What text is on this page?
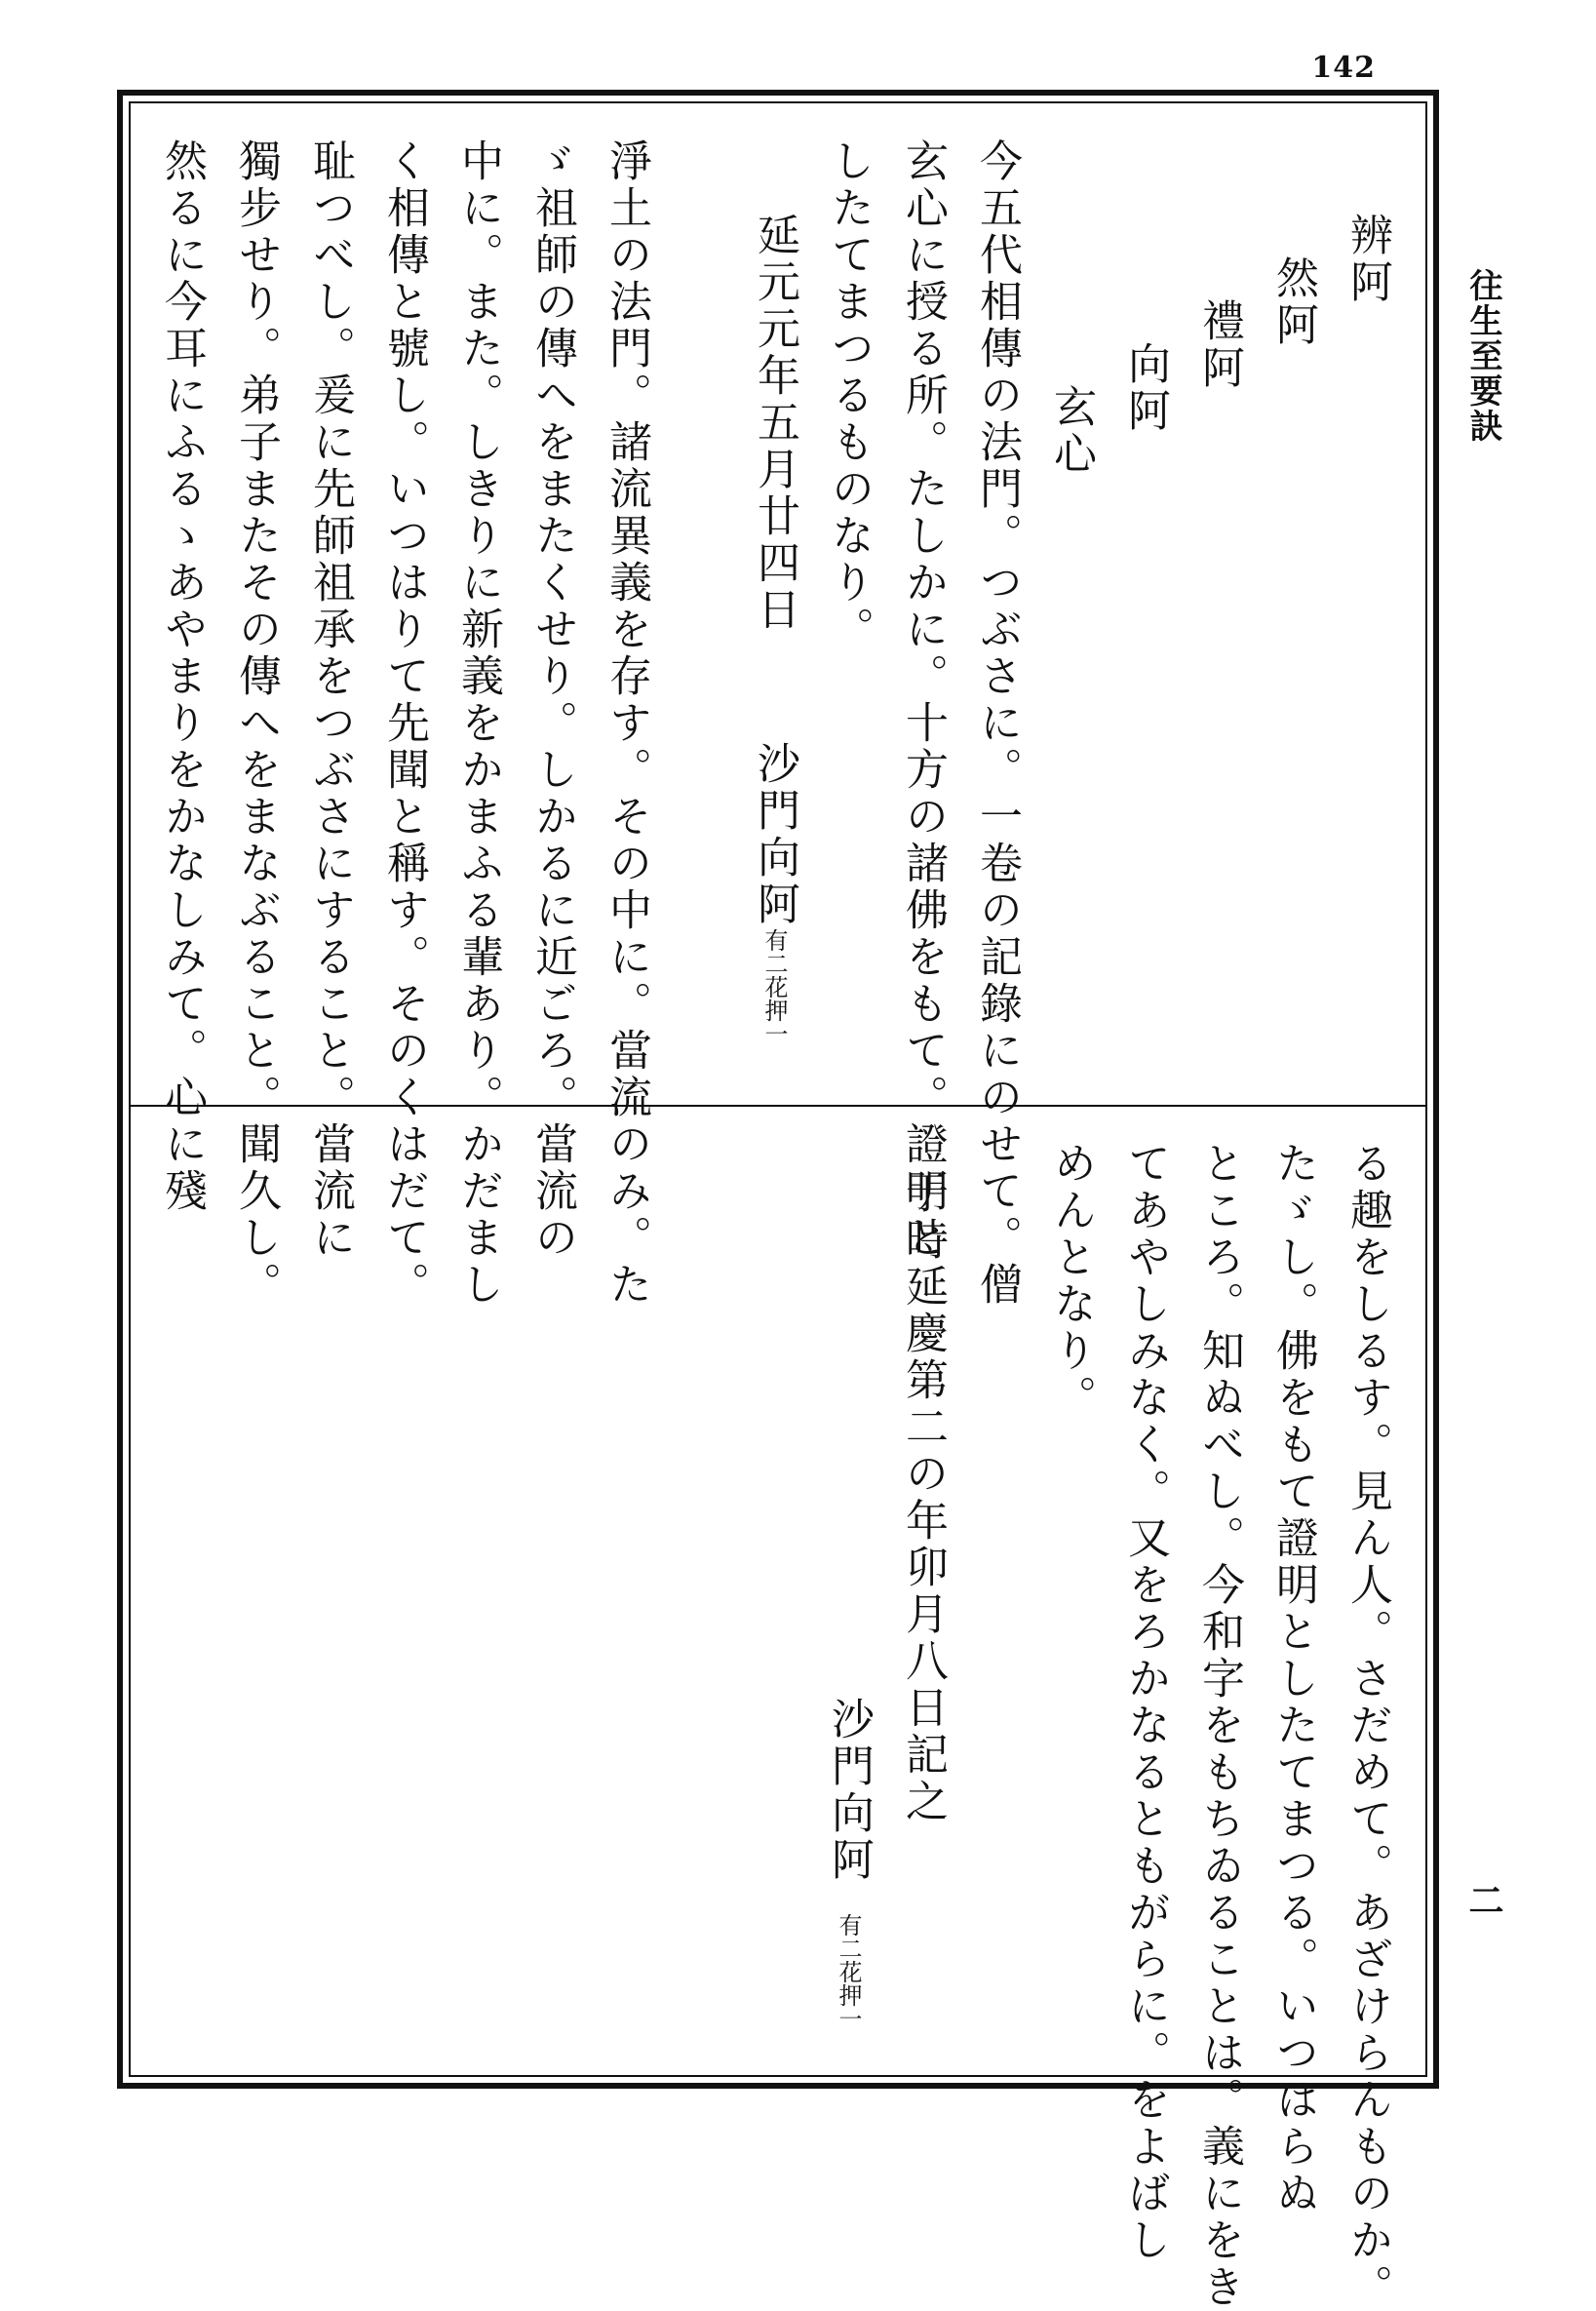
142
往生至要訣
二
辨阿
然阿
禮阿
向阿
玄心
今五代相傳の法門。つぶさに。一卷の記錄にのせて。僧
玄心に授る所。たしかに。十方の諸佛をもて。證明と
したてまつるものなり。
延元元年五月廿四日
沙門向阿有二花押一
淨土の法門。諸流異義を存す。その中に。當流のみ。た
ゞ祖師の傳へをまたくせり。しかるに近ごろ。當流の
中に。また。しきりに新義をかまふる輩あり。かだまし
く相傳と號し。いつはりて先聞と稱す。そのくはだて。
耻つべし。爰に先師祖承をつぶさにすること。當流に
獨步せり。弟子またその傳へをまなぶること。聞久し。
然るに今耳にふるゝあやまりをかなしみて。心に殘
る趣をしるす。見ん人。さだめて。あざけらんものか。
たゞし。佛をもて證明としたてまつる。いつはらぬ
ところ。知ぬべし。今和字をもちゐることは。義にをき
てあやしみなく。又をろかなるともがらに。をよばし
めんとなり。
于時延慶第二の年卯月八日記之
沙門向阿有二花押一
